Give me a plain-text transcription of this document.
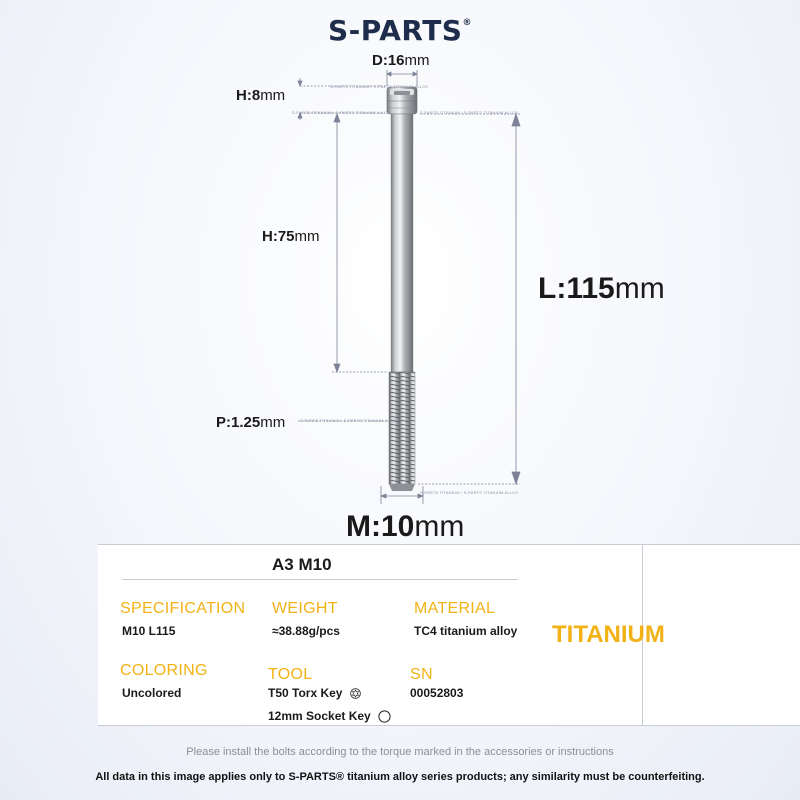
S-PARTS®
S-PARTS TITANIUM / S-PARTS TITANIUM ALLOY
S-PARTS TITANIUM / S-PARTS TITANIUM ALLOY	S-PARTS TITANIUM / S-PARTS TITANIUM ALLOY
S-PARTS TITANIUM / S-PARTS TITANIUM ALLOY
S-PARTS TITANIUM / S-PARTS TITANIUM ALLOY
D:16mm
H:8mm
H:75mm
P:1.25mm
L:115mm
M:10mm
A3 M10
SPECIFICATION
M10 L115
WEIGHT
≈38.88g/pcs
MATERIAL
TC4 titanium alloy
COLORING
Uncolored
TOOL
T50 Torx Key
12mm Socket Key
SN
00052803
TITANIUM
Please install the bolts according to the torque marked in the accessories or instructions
All data in this image applies only to S-PARTS® titanium alloy series products; any similarity must be counterfeiting.
